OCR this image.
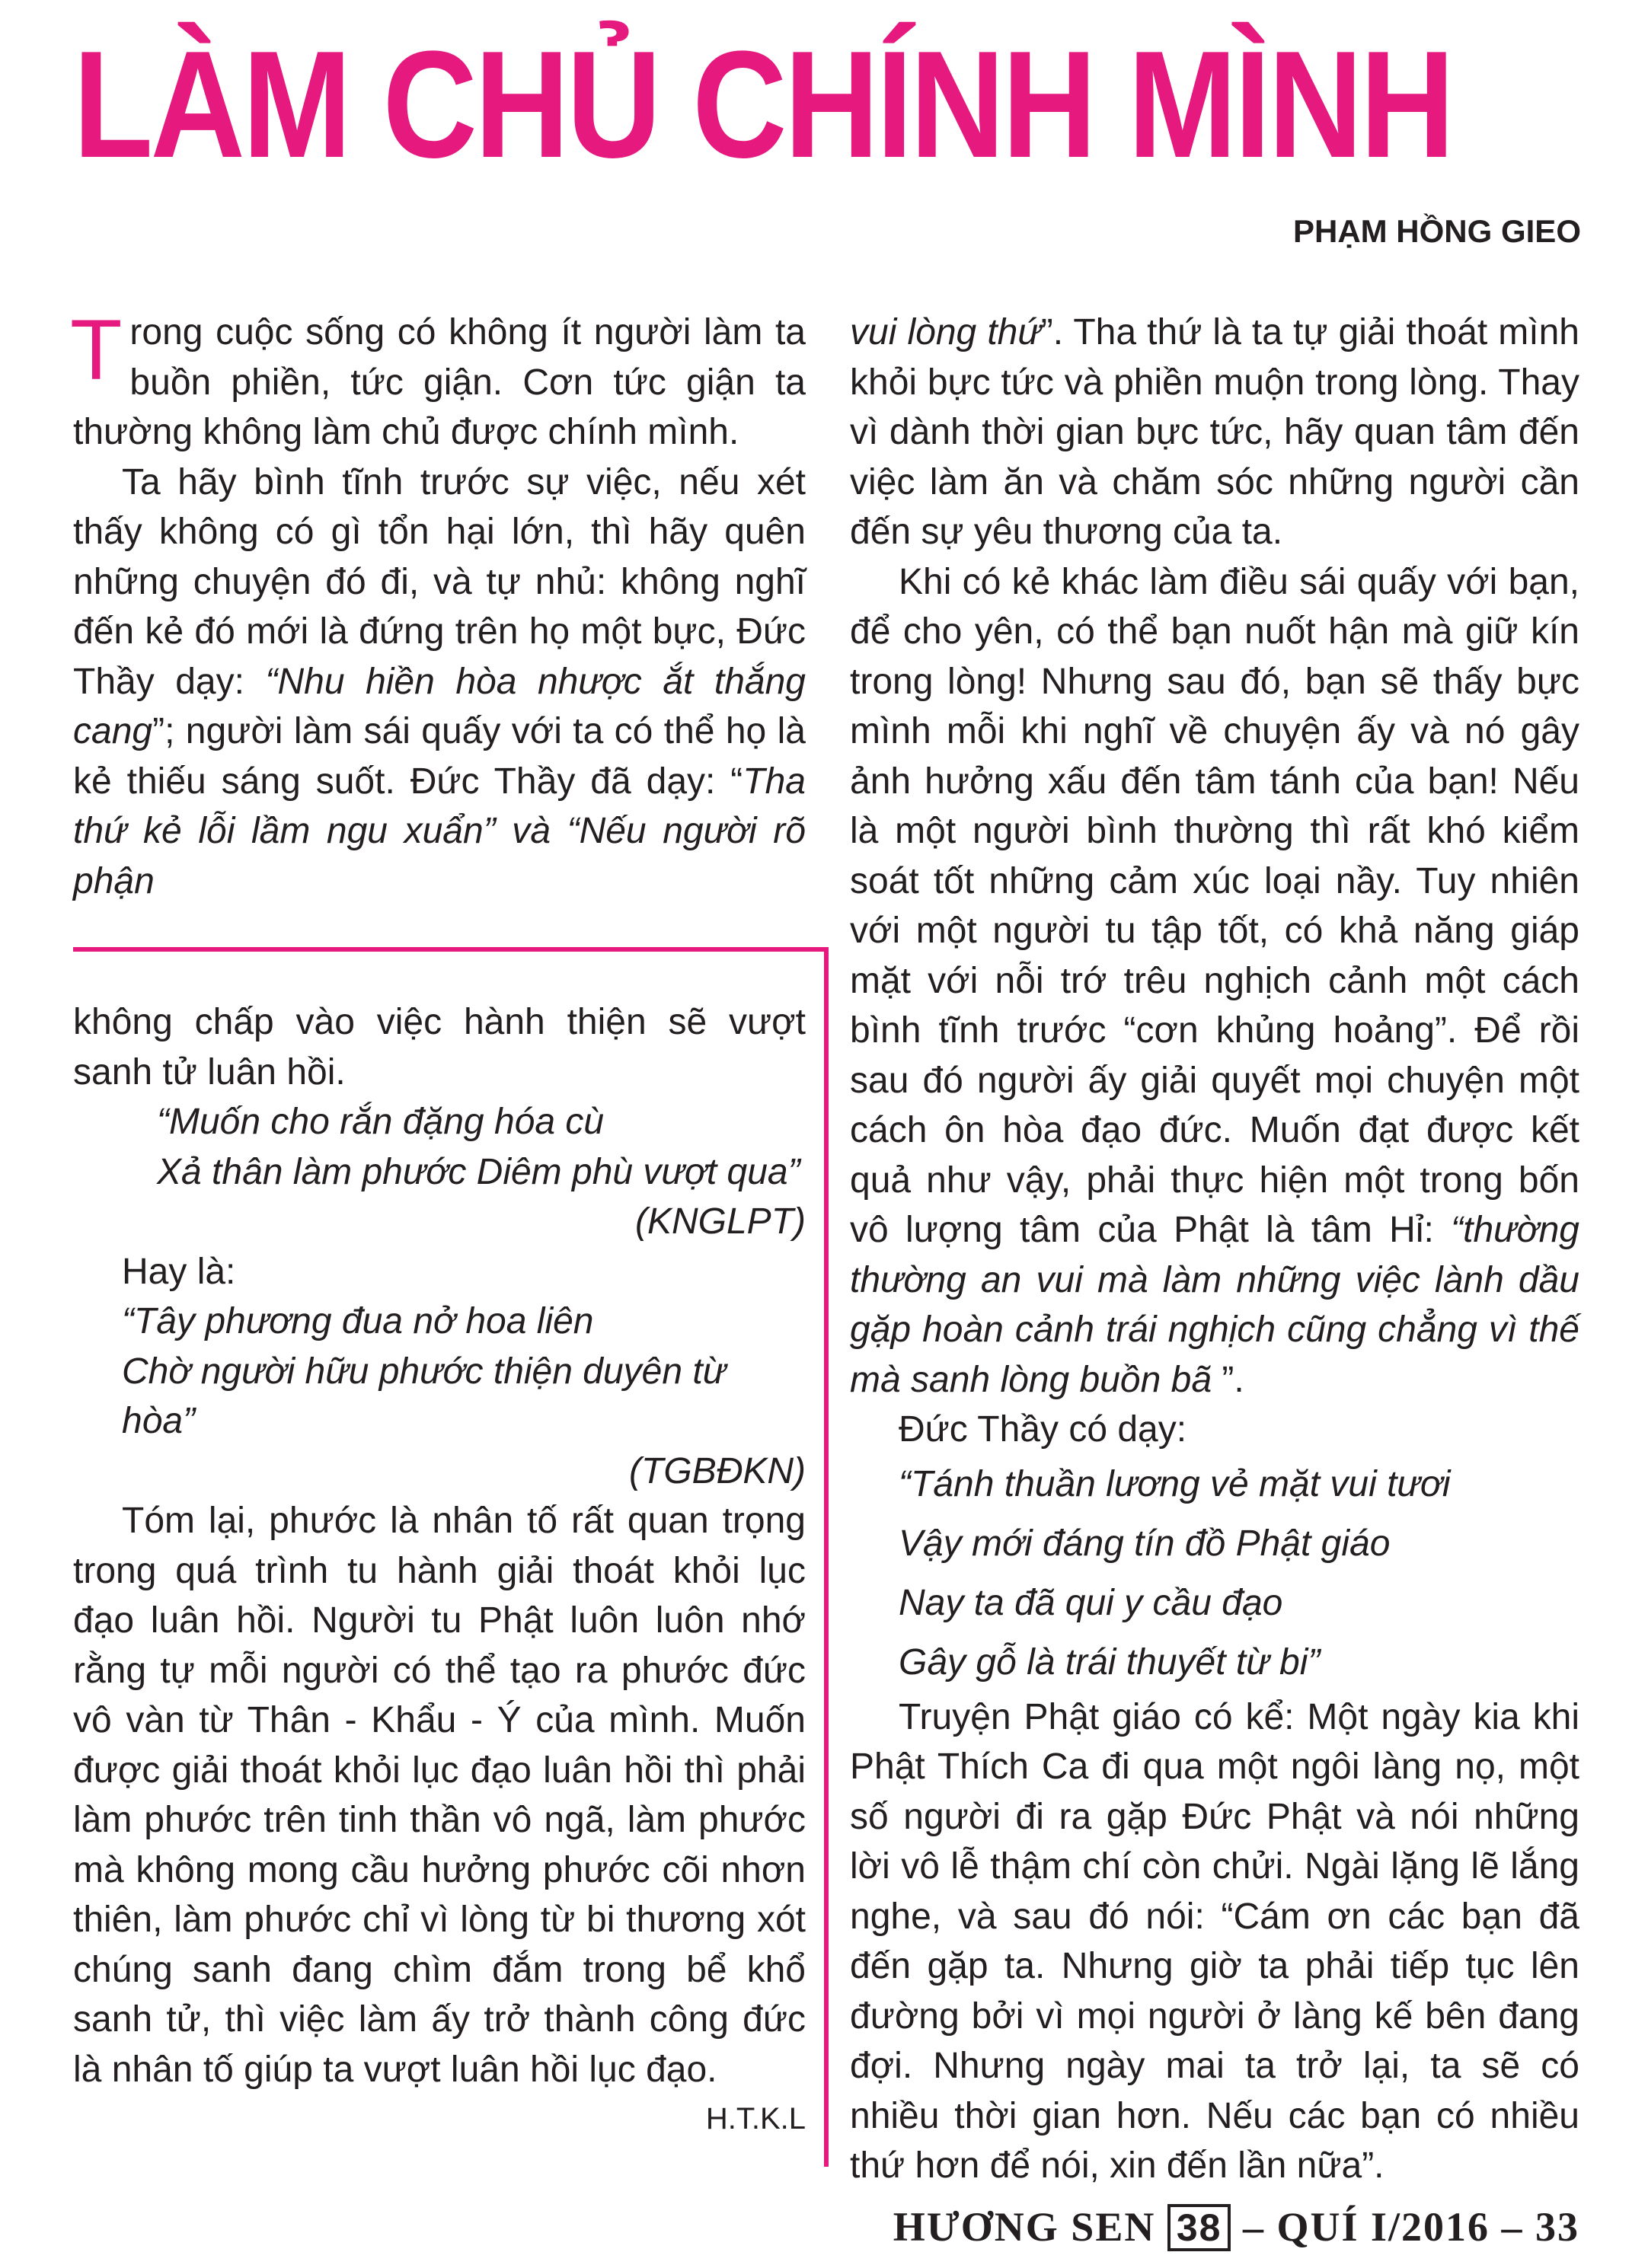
LÀM CHỦ CHÍNH MÌNH
PHẠM HỒNG GIEO

Trong cuộc sống có không ít người làm ta buồn phiền, tức giận. Cơn tức giận ta thường không làm chủ được chính mình.

Ta hãy bình tĩnh trước sự việc, nếu xét thấy không có gì tổn hại lớn, thì hãy quên những chuyện đó đi, và tự nhủ: không nghĩ đến kẻ đó mới là đứng trên họ một bực, Đức Thầy dạy: “Nhu hiền hòa nhược ắt thắng cang”; người làm sái quấy với ta có thể họ là kẻ thiếu sáng suốt. Đức Thầy đã dạy: “Tha thứ kẻ lỗi lầm ngu xuẩn” và “Nếu người rõ phận

không chấp vào việc hành thiện sẽ vượt sanh tử luân hồi.

“Muốn cho rắn đặng hóa cù

Xả thân làm phước Diêm phù vượt qua”

(KNGLPT)

Hay là:

“Tây phương đua nở hoa liên

Chờ người hữu phước thiện duyên từ hòa”

(TGBĐKN)

Tóm lại, phước là nhân tố rất quan trọng trong quá trình tu hành giải thoát khỏi lục đạo luân hồi. Người tu Phật luôn luôn nhớ rằng tự mỗi người có thể tạo ra phước đức vô vàn từ Thân - Khẩu - Ý của mình. Muốn được giải thoát khỏi lục đạo luân hồi thì phải làm phước trên tinh thần vô ngã, làm phước mà không mong cầu hưởng phước cõi nhơn thiên, làm phước chỉ vì lòng từ bi thương xót chúng sanh đang chìm đắm trong bể khổ sanh tử, thì việc làm ấy trở thành công đức là nhân tố giúp ta vượt luân hồi lục đạo.

H.T.K.L

vui lòng thứ”. Tha thứ là ta tự giải thoát mình khỏi bực tức và phiền muộn trong lòng. Thay vì dành thời gian bực tức, hãy quan tâm đến việc làm ăn và chăm sóc những người cần đến sự yêu thương của ta.

Khi có kẻ khác làm điều sái quấy với bạn, để cho yên, có thể bạn nuốt hận mà giữ kín trong lòng! Nhưng sau đó, bạn sẽ thấy bực mình mỗi khi nghĩ về chuyện ấy và nó gây ảnh hưởng xấu đến tâm tánh của bạn! Nếu là một người bình thường thì rất khó kiểm soát tốt những cảm xúc loại nầy. Tuy nhiên với một người tu tập tốt, có khả năng giáp mặt với nỗi trớ trêu nghịch cảnh một cách bình tĩnh trước “cơn khủng hoảng”. Để rồi sau đó người ấy giải quyết mọi chuyện một cách ôn hòa đạo đức. Muốn đạt được kết quả như vậy, phải thực hiện một trong bốn vô lượng tâm của Phật là tâm Hỉ: “thường thường an vui mà làm những việc lành dầu gặp hoàn cảnh trái nghịch cũng chẳng vì thế mà sanh lòng buồn bã ”.

Đức Thầy có dạy:

“Tánh thuần lương vẻ mặt vui tươi

Vậy mới đáng tín đồ Phật giáo

Nay ta đã qui y cầu đạo

Gây gỗ là trái thuyết từ bi”

Truyện Phật giáo có kể: Một ngày kia khi Phật Thích Ca đi qua một ngôi làng nọ, một số người đi ra gặp Đức Phật và nói những lời vô lễ thậm chí còn chửi. Ngài lặng lẽ lắng nghe, và sau đó nói: “Cám ơn các bạn đã đến gặp ta. Nhưng giờ ta phải tiếp tục lên đường bởi vì mọi người ở làng kế bên đang đợi. Nhưng ngày mai ta trở lại, ta sẽ có nhiều thời gian hơn. Nếu các bạn có nhiều thứ hơn để nói, xin đến lần nữa”.

HƯƠNG SEN 38 – QUÍ I/2016 – 33
